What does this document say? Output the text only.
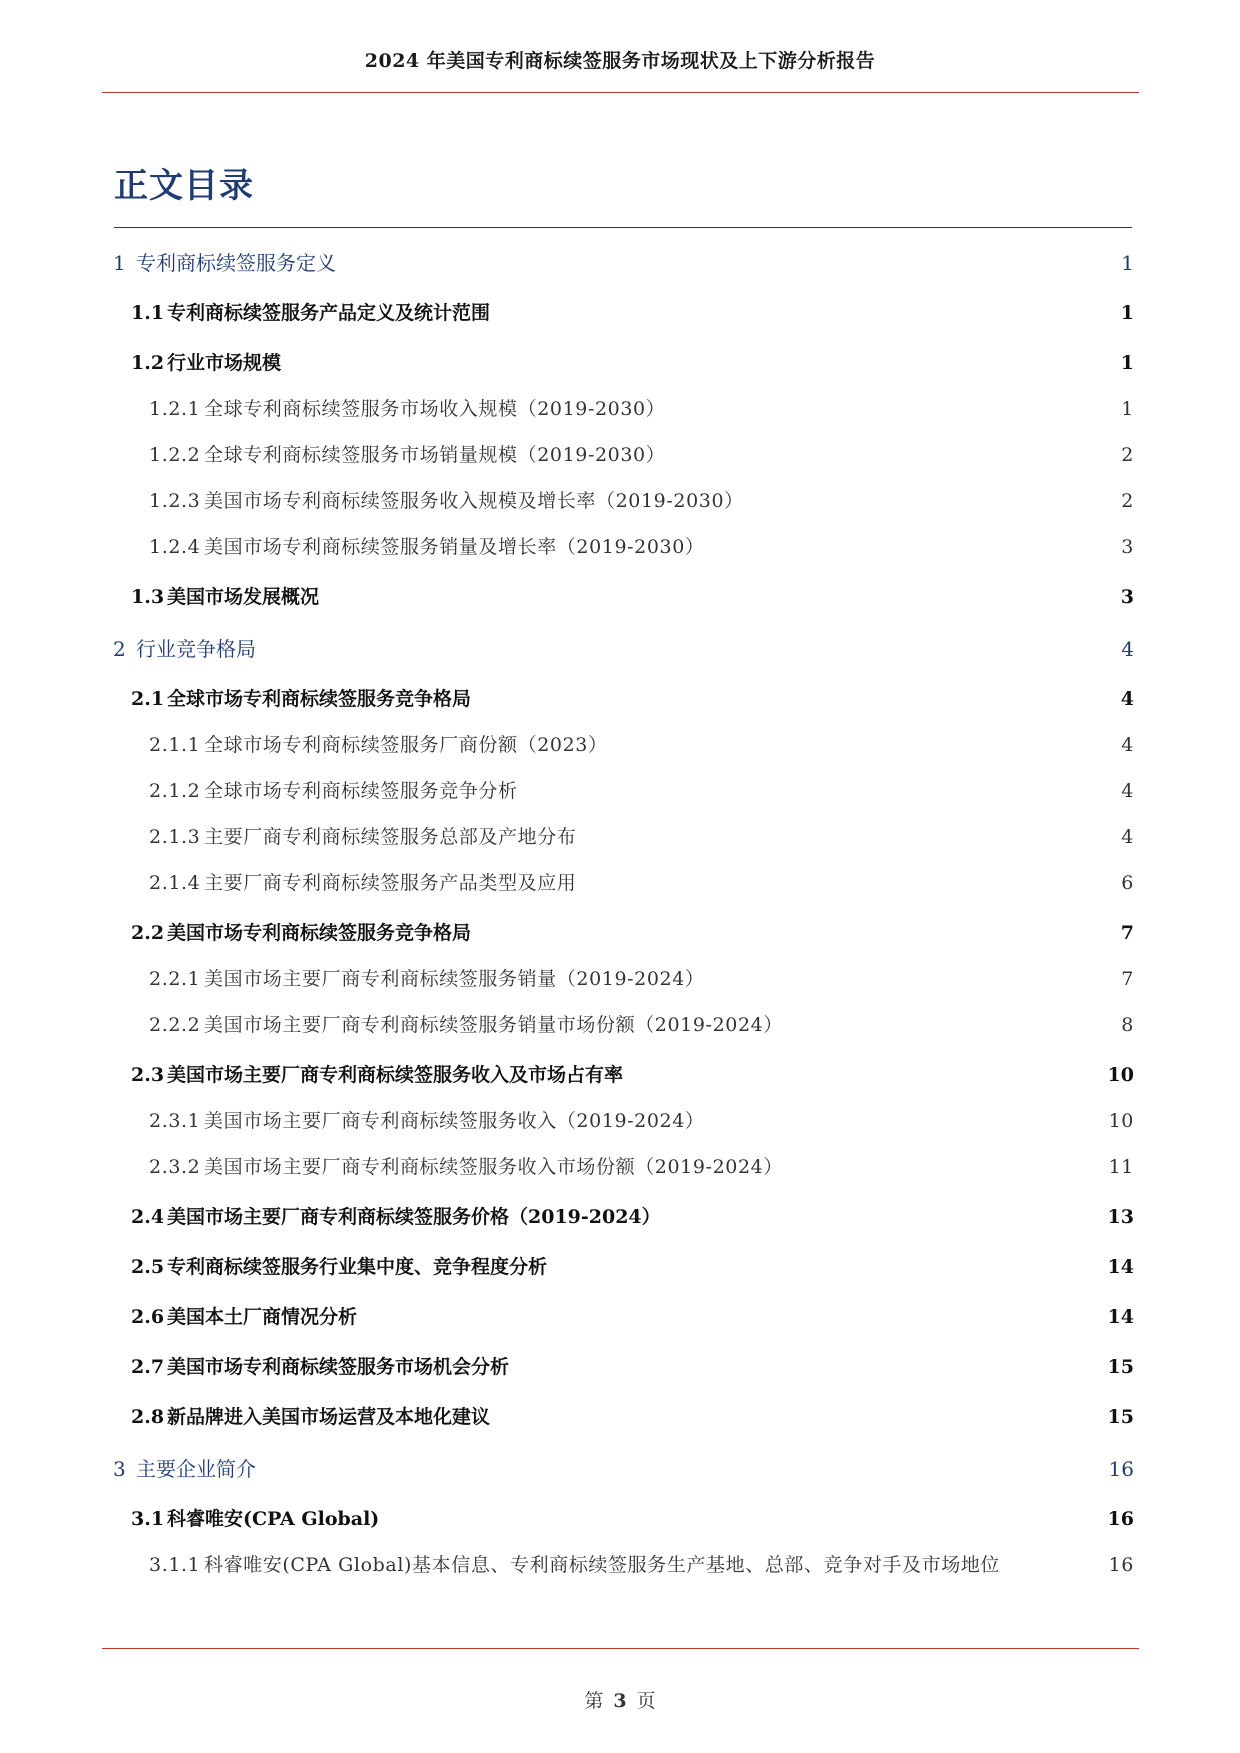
2024 年美国专利商标续签服务市场现状及上下游分析报告
正文目录
1 专利商标续签服务定义	1
1.1 专利商标续签服务产品定义及统计范围	1
1.2 行业市场规模	1
1.2.1 全球专利商标续签服务市场收入规模（2019-2030）	1
1.2.2 全球专利商标续签服务市场销量规模（2019-2030）	2
1.2.3 美国市场专利商标续签服务收入规模及增长率（2019-2030）	2
1.2.4 美国市场专利商标续签服务销量及增长率（2019-2030）	3
1.3 美国市场发展概况	3
2 行业竞争格局	4
2.1 全球市场专利商标续签服务竞争格局	4
2.1.1 全球市场专利商标续签服务厂商份额（2023）	4
2.1.2 全球市场专利商标续签服务竞争分析	4
2.1.3 主要厂商专利商标续签服务总部及产地分布	4
2.1.4 主要厂商专利商标续签服务产品类型及应用	6
2.2 美国市场专利商标续签服务竞争格局	7
2.2.1 美国市场主要厂商专利商标续签服务销量（2019-2024）	7
2.2.2 美国市场主要厂商专利商标续签服务销量市场份额（2019-2024）	8
2.3 美国市场主要厂商专利商标续签服务收入及市场占有率	10
2.3.1 美国市场主要厂商专利商标续签服务收入（2019-2024）	10
2.3.2 美国市场主要厂商专利商标续签服务收入市场份额（2019-2024）	11
2.4 美国市场主要厂商专利商标续签服务价格（2019-2024）	13
2.5 专利商标续签服务行业集中度、竞争程度分析	14
2.6 美国本土厂商情况分析	14
2.7 美国市场专利商标续签服务市场机会分析	15
2.8 新品牌进入美国市场运营及本地化建议	15
3 主要企业简介	16
3.1 科睿唯安(CPA Global)	16
3.1.1 科睿唯安(CPA Global)基本信息、专利商标续签服务生产基地、总部、竞争对手及市场地位	16
第 3 页
